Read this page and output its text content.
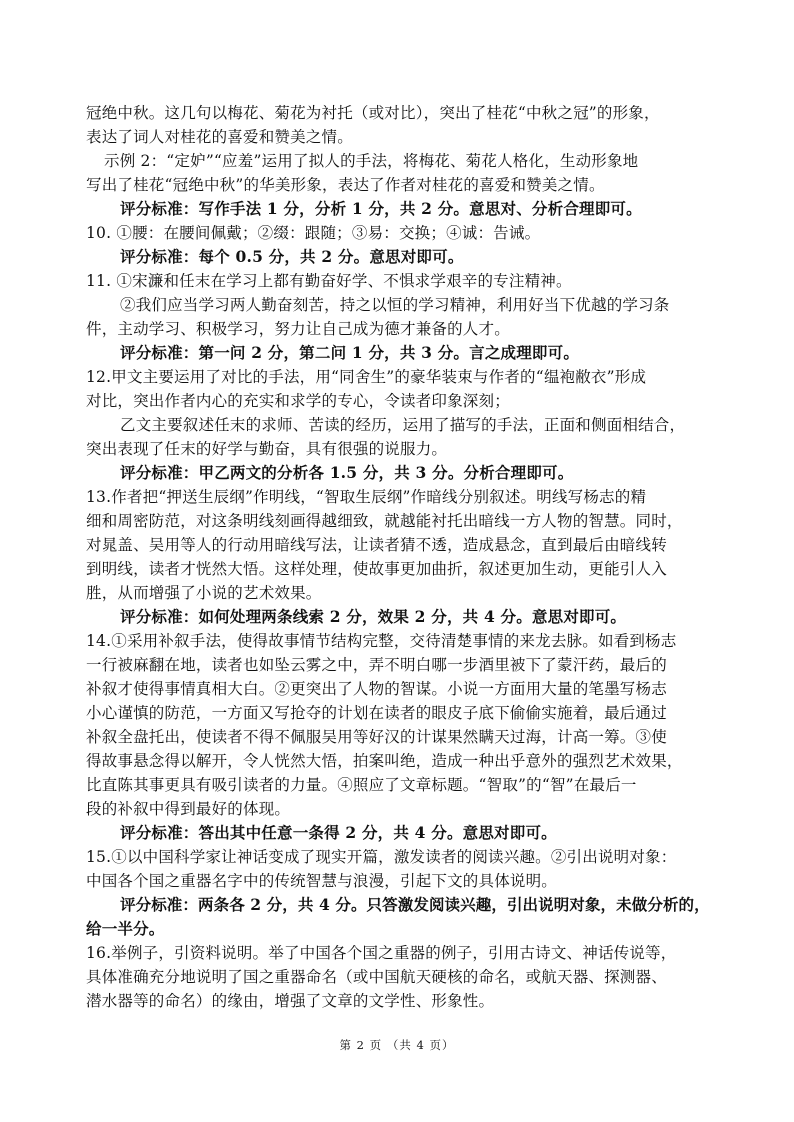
冠绝中秋。这几句以梅花、菊花为衬托（或对比），突出了桂花“中秋之冠”的形象，
表达了词人对桂花的喜爱和赞美之情。
示例 2：“定妒”“应羞”运用了拟人的手法，将梅花、菊花人格化，生动形象地
写出了桂花“冠绝中秋”的华美形象，表达了作者对桂花的喜爱和赞美之情。
评分标准：写作手法 1 分，分析 1 分，共 2 分。意思对、分析合理即可。
10. ①腰：在腰间佩戴；②缀：跟随；③易：交换；④诚：告诫。
评分标准：每个 0.5 分，共 2 分。意思对即可。
11. ①宋濂和任末在学习上都有勤奋好学、不惧求学艰辛的专注精神。
②我们应当学习两人勤奋刻苦，持之以恒的学习精神，利用好当下优越的学习条
件，主动学习、积极学习，努力让自己成为德才兼备的人才。
评分标准：第一问 2 分，第二问 1 分，共 3 分。言之成理即可。
12.甲文主要运用了对比的手法，用“同舍生”的豪华装束与作者的“缊袍敝衣”形成
对比，突出作者内心的充实和求学的专心，令读者印象深刻；
乙文主要叙述任末的求师、苦读的经历，运用了描写的手法，正面和侧面相结合，
突出表现了任末的好学与勤奋，具有很强的说服力。
评分标准：甲乙两文的分析各 1.5 分，共 3 分。分析合理即可。
13.作者把“押送生辰纲”作明线，“智取生辰纲”作暗线分别叙述。明线写杨志的精
细和周密防范，对这条明线刻画得越细致，就越能衬托出暗线一方人物的智慧。同时，
对晁盖、吴用等人的行动用暗线写法，让读者猜不透，造成悬念，直到最后由暗线转
到明线，读者才恍然大悟。这样处理，使故事更加曲折，叙述更加生动，更能引人入
胜，从而增强了小说的艺术效果。
评分标准：如何处理两条线索 2 分，效果 2 分，共 4 分。意思对即可。
14.①采用补叙手法，使得故事情节结构完整，交待清楚事情的来龙去脉。如看到杨志
一行被麻翻在地，读者也如坠云雾之中，弄不明白哪一步酒里被下了蒙汗药，最后的
补叙才使得事情真相大白。②更突出了人物的智谋。小说一方面用大量的笔墨写杨志
小心谨慎的防范，一方面又写抢夺的计划在读者的眼皮子底下偷偷实施着，最后通过
补叙全盘托出，使读者不得不佩服吴用等好汉的计谋果然瞒天过海，计高一筹。③使
得故事悬念得以解开，令人恍然大悟，拍案叫绝，造成一种出乎意外的强烈艺术效果，
比直陈其事更具有吸引读者的力量。④照应了文章标题。“智取”的“智”在最后一
段的补叙中得到最好的体现。
评分标准：答出其中任意一条得 2 分，共 4 分。意思对即可。
15.①以中国科学家让神话变成了现实开篇，激发读者的阅读兴趣。②引出说明对象：
中国各个国之重器名字中的传统智慧与浪漫，引起下文的具体说明。
评分标准：两条各 2 分，共 4 分。只答激发阅读兴趣，引出说明对象，未做分析的，
给一半分。
16.举例子，引资料说明。举了中国各个国之重器的例子，引用古诗文、神话传说等，
具体准确充分地说明了国之重器命名（或中国航天硬核的命名，或航天器、探测器、
潜水器等的命名）的缘由，增强了文章的文学性、形象性。
第 2 页 （共 4 页）
